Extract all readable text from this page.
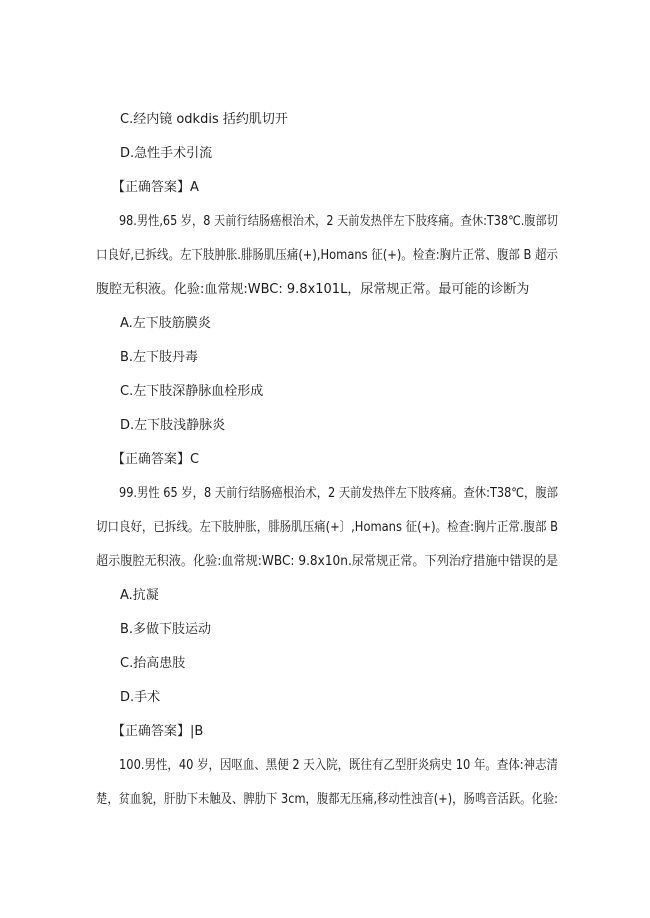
C.经内镜 odkdis 括约肌切开
D.急性手术引流
【正确答案】A
98.男性,65 岁，8 天前行结肠癌根治术，2 天前发热伴左下肢疼痛。查休:T38℃.腹部切
口良好,已拆线。左下肢肿胀.腓肠肌压痛(+),Homans 征(+)。检查:胸片正常、腹部 B 超示
腹腔无积液。化验:血常规:WBC: 9.8x101L，尿常规正常。最可能的诊断为
A.左下肢筋膜炎
B.左下肢丹毒
C.左下肢深静脉血栓形成
D.左下肢浅静脉炎
【正确答案】C
99.男性 65 岁，8 天前行结肠癌根治术，2 天前发热伴左下肢疼痛。查休:T38℃，腹部
切口良好，已拆线。左下肢肿胀，腓肠肌压痛(+〕,Homans 征(+)。检查:胸片正常.腹部 B
超示腹腔无积液。化验:血常规:WBC: 9.8x10n.尿常规正常。下列治疗措施中错误的是
A.抗凝
B.多做下肢运动
C.抬高患肢
D.手术
【正确答案】|B
100.男性，40 岁，因呕血、黑便 2 天入院，既往有乙型肝炎病史 10 年。查体:神志清
楚，贫血貌，肝肋下未触及、脾肋下 3cm，腹都无压痛,移动性浊音(+)，肠鸣音活跃。化验:
